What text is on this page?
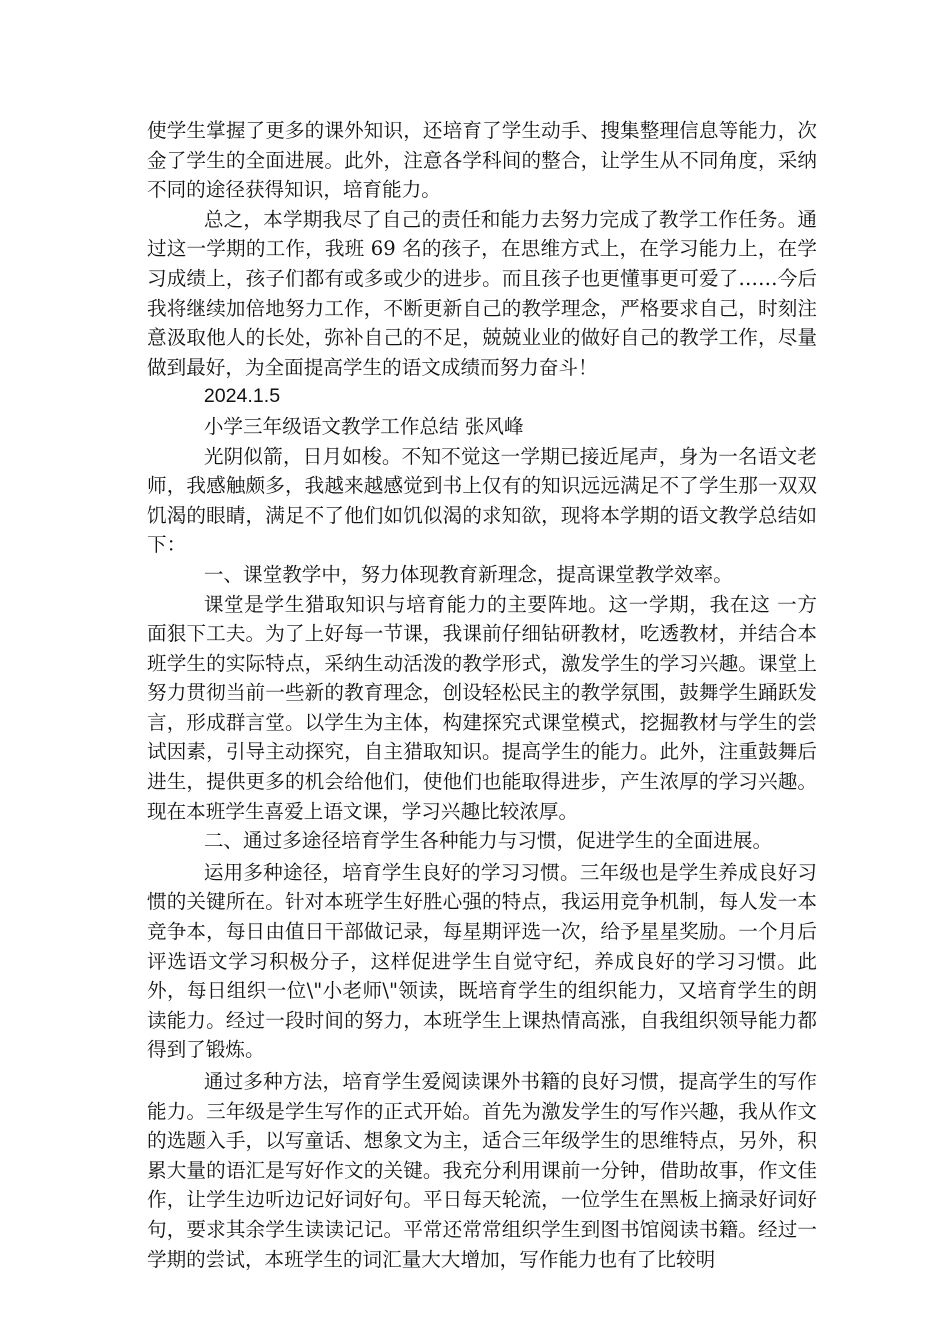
使学生掌握了更多的课外知识，还培育了学生动手、搜集整理信息等能力，次金了学生的全面进展。此外，注意各学科间的整合，让学生从不同角度，采纳不同的途径获得知识，培育能力。

总之，本学期我尽了自己的责任和能力去努力完成了教学工作任务。通过这一学期的工作，我班 69 名的孩子，在思维方式上，在学习能力上，在学习成绩上，孩子们都有或多或少的进步。而且孩子也更懂事更可爱了……今后我将继续加倍地努力工作，不断更新自己的教学理念，严格要求自己，时刻注意汲取他人的长处，弥补自己的不足，兢兢业业的做好自己的教学工作，尽量做到最好，为全面提高学生的语文成绩而努力奋斗！

2024.1.5

小学三年级语文教学工作总结 张风峰

光阴似箭，日月如梭。不知不觉这一学期已接近尾声，身为一名语文老师，我感触颇多，我越来越感觉到书上仅有的知识远远满足不了学生那一双双饥渴的眼睛，满足不了他们如饥似渴的求知欲，现将本学期的语文教学总结如下：

一、课堂教学中，努力体现教育新理念，提高课堂教学效率。

课堂是学生猎取知识与培育能力的主要阵地。这一学期，我在这 一方面狠下工夫。为了上好每一节课，我课前仔细钻研教材，吃透教材，并结合本班学生的实际特点，采纳生动活泼的教学形式，激发学生的学习兴趣。课堂上努力贯彻当前一些新的教育理念，创设轻松民主的教学氛围，鼓舞学生踊跃发言，形成群言堂。以学生为主体，构建探究式课堂模式，挖掘教材与学生的尝试因素，引导主动探究，自主猎取知识。提高学生的能力。此外，注重鼓舞后进生，提供更多的机会给他们，使他们也能取得进步，产生浓厚的学习兴趣。现在本班学生喜爱上语文课，学习兴趣比较浓厚。

二、通过多途径培育学生各种能力与习惯，促进学生的全面进展。

运用多种途径，培育学生良好的学习习惯。三年级也是学生养成良好习惯的关键所在。针对本班学生好胜心强的特点，我运用竞争机制，每人发一本竞争本，每日由值日干部做记录，每星期评选一次，给予星星奖励。一个月后评选语文学习积极分子，这样促进学生自觉守纪，养成良好的学习习惯。此外，每日组织一位\"小老师\"领读，既培育学生的组织能力，又培育学生的朗读能力。经过一段时间的努力，本班学生上课热情高涨，自我组织领导能力都得到了锻炼。

通过多种方法，培育学生爱阅读课外书籍的良好习惯，提高学生的写作能力。三年级是学生写作的正式开始。首先为激发学生的写作兴趣，我从作文的选题入手，以写童话、想象文为主，适合三年级学生的思维特点，另外，积累大量的语汇是写好作文的关键。我充分利用课前一分钟，借助故事，作文佳作，让学生边听边记好词好句。平日每天轮流，一位学生在黑板上摘录好词好句，要求其余学生读读记记。平常还常常组织学生到图书馆阅读书籍。经过一学期的尝试，本班学生的词汇量大大增加，写作能力也有了比较明
